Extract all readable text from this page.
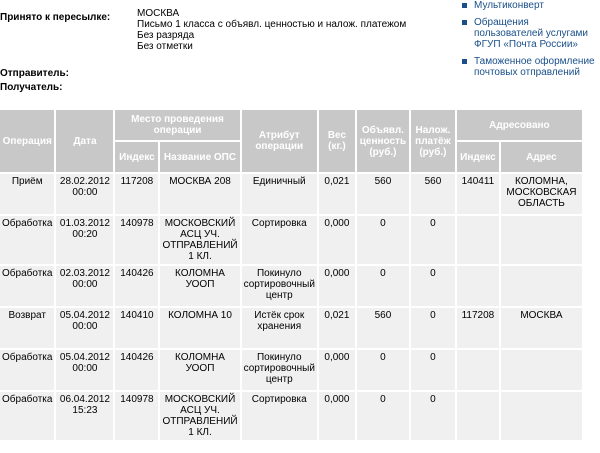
Принято к пересылке:	МОСКВА
Письмо 1 класса с объявл. ценностью и налож. платежом
Без разряда
Без отметки
Отправитель:
Получатель:
Мультиконверт
Обращения пользователей услугами ФГУП «Почта России»
Таможенное оформление почтовых отправлений
Операция	Дата	Место проведения операции		Атрибут операции	Вес (кг.)	Объявл. ценность (руб.)	Налож. платёж (руб.)	Адресовано	
		Индекс	Название ОПС					Индекс	Адрес
Приём	28.02.2012 00:00	117208	МОСКВА 208	Единичный	0,021	560	560	140411	КОЛОМНА, МОСКОВСКАЯ ОБЛАСТЬ
Обработка	01.03.2012 00:20	140978	МОСКОВСКИЙ АСЦ УЧ. ОТПРАВЛЕНИЙ 1 КЛ.	Сортировка	0,000	0	0		
Обработка	02.03.2012 00:00	140426	КОЛОМНА УООП	Покинуло сортировочный центр	0,000	0	0		
Возврат	05.04.2012 00:00	140410	КОЛОМНА 10	Истёк срок хранения	0,021	560	0	117208	МОСКВА
Обработка	05.04.2012 00:00	140426	КОЛОМНА УООП	Покинуло сортировочный центр	0,000	0	0		
Обработка	06.04.2012 15:23	140978	МОСКОВСКИЙ АСЦ УЧ. ОТПРАВЛЕНИЙ 1 КЛ.	Сортировка	0,000	0	0		
